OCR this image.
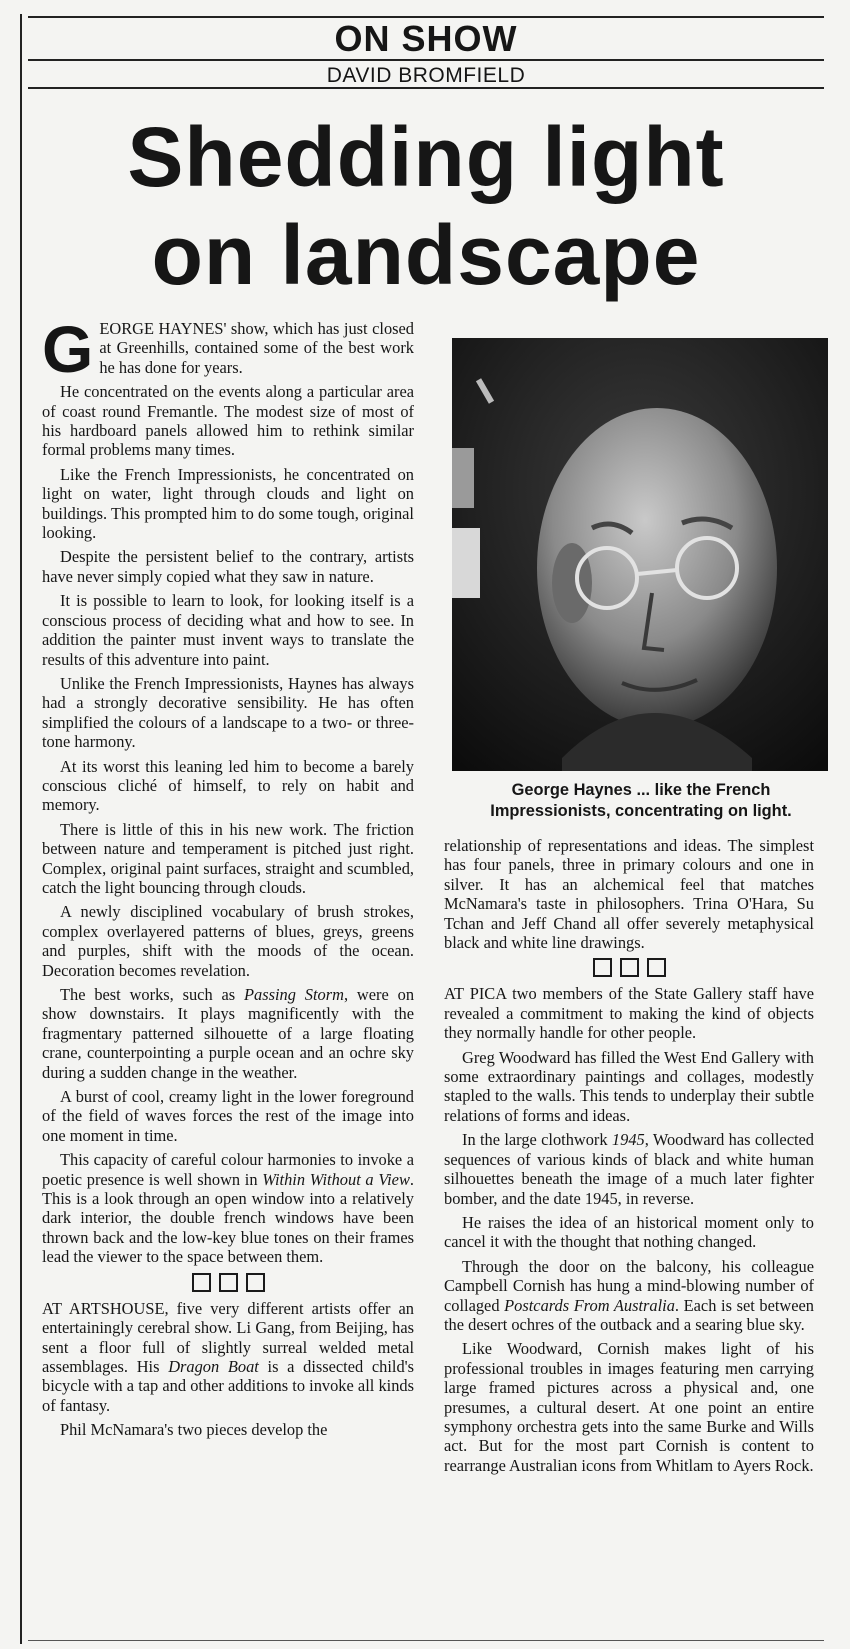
ON SHOW
DAVID BROMFIELD
Shedding light
on landscape

GEORGE HAYNES' show, which has just closed at Greenhills, contained some of the best work he has done for years.

He concentrated on the events along a particular area of coast round Fremantle. The modest size of most of his hardboard panels allowed him to rethink similar formal problems many times.

Like the French Impressionists, he concentrated on light on water, light through clouds and light on buildings. This prompted him to do some tough, original looking.

Despite the persistent belief to the contrary, artists have never simply copied what they saw in nature.

It is possible to learn to look, for looking itself is a conscious process of deciding what and how to see. In addition the painter must invent ways to translate the results of this adventure into paint.

Unlike the French Impressionists, Haynes has always had a strongly decorative sensibility. He has often simplified the colours of a landscape to a two- or three-tone harmony.

At its worst this leaning led him to become a barely conscious cliché of himself, to rely on habit and memory.

There is little of this in his new work. The friction between nature and temperament is pitched just right. Complex, original paint surfaces, straight and scumbled, catch the light bouncing through clouds.

A newly disciplined vocabulary of brush strokes, complex overlayered patterns of blues, greys, greens and purples, shift with the moods of the ocean. Decoration becomes revelation.

The best works, such as Passing Storm, were on show downstairs. It plays magnificently with the fragmentary patterned silhouette of a large floating crane, counterpointing a purple ocean and an ochre sky during a sudden change in the weather.

A burst of cool, creamy light in the lower foreground of the field of waves forces the rest of the image into one moment in time.

This capacity of careful colour harmonies to invoke a poetic presence is well shown in Within Without a View. This is a look through an open window into a relatively dark interior, the double french windows have been thrown back and the low-key blue tones on their frames lead the viewer to the space between them.

AT ARTSHOUSE, five very different artists offer an entertainingly cerebral show. Li Gang, from Beijing, has sent a floor full of slightly surreal welded metal assemblages. His Dragon Boat is a dissected child's bicycle with a tap and other additions to invoke all kinds of fantasy.

Phil McNamara's two pieces develop the

George Haynes ... like the French
Impressionists, concentrating on light.

relationship of representations and ideas. The simplest has four panels, three in primary colours and one in silver. It has an alchemical feel that matches McNamara's taste in philosophers. Trina O'Hara, Su Tchan and Jeff Chand all offer severely metaphysical black and white line drawings.

AT PICA two members of the State Gallery staff have revealed a commitment to making the kind of objects they normally handle for other people.

Greg Woodward has filled the West End Gallery with some extraordinary paintings and collages, modestly stapled to the walls. This tends to underplay their subtle relations of forms and ideas.

In the large clothwork 1945, Woodward has collected sequences of various kinds of black and white human silhouettes beneath the image of a much later fighter bomber, and the date 1945, in reverse.

He raises the idea of an historical moment only to cancel it with the thought that nothing changed.

Through the door on the balcony, his colleague Campbell Cornish has hung a mind-blowing number of collaged Postcards From Australia. Each is set between the desert ochres of the outback and a searing blue sky.

Like Woodward, Cornish makes light of his professional troubles in images featuring men carrying large framed pictures across a physical and, one presumes, a cultural desert. At one point an entire symphony orchestra gets into the same Burke and Wills act. But for the most part Cornish is content to rearrange Australian icons from Whitlam to Ayers Rock.
